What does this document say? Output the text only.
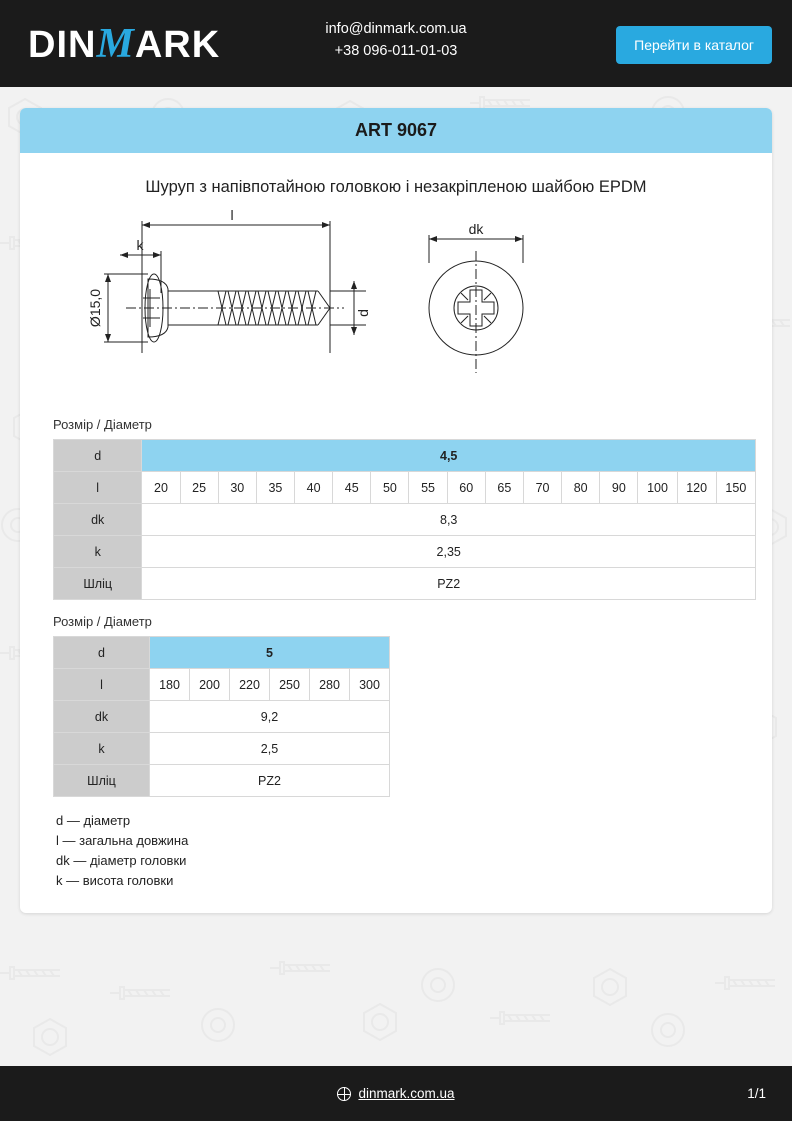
DINMARK	info@dinmark.com.ua
+38 096-011-01-03	Перейти в каталог
ART 9067
Шуруп з напівпотайною головкою і незакріпленою шайбою EPDM
l
k
d
dk
Ø15,0
Розмір / Діаметр
d	4,5															
l	20	25	30	35	40	45	50	55	60	65	70	80	90	100	120	150
dk	8,3															
k	2,35															
Шліц	PZ2															
Розмір / Діаметр
d	5					
l	180	200	220	250	280	300
dk	9,2					
k	2,5					
Шліц	PZ2					
d — діаметр
l — загальна довжина
dk — діаметр головки
k — висота головки
dinmark.com.ua	1/1
